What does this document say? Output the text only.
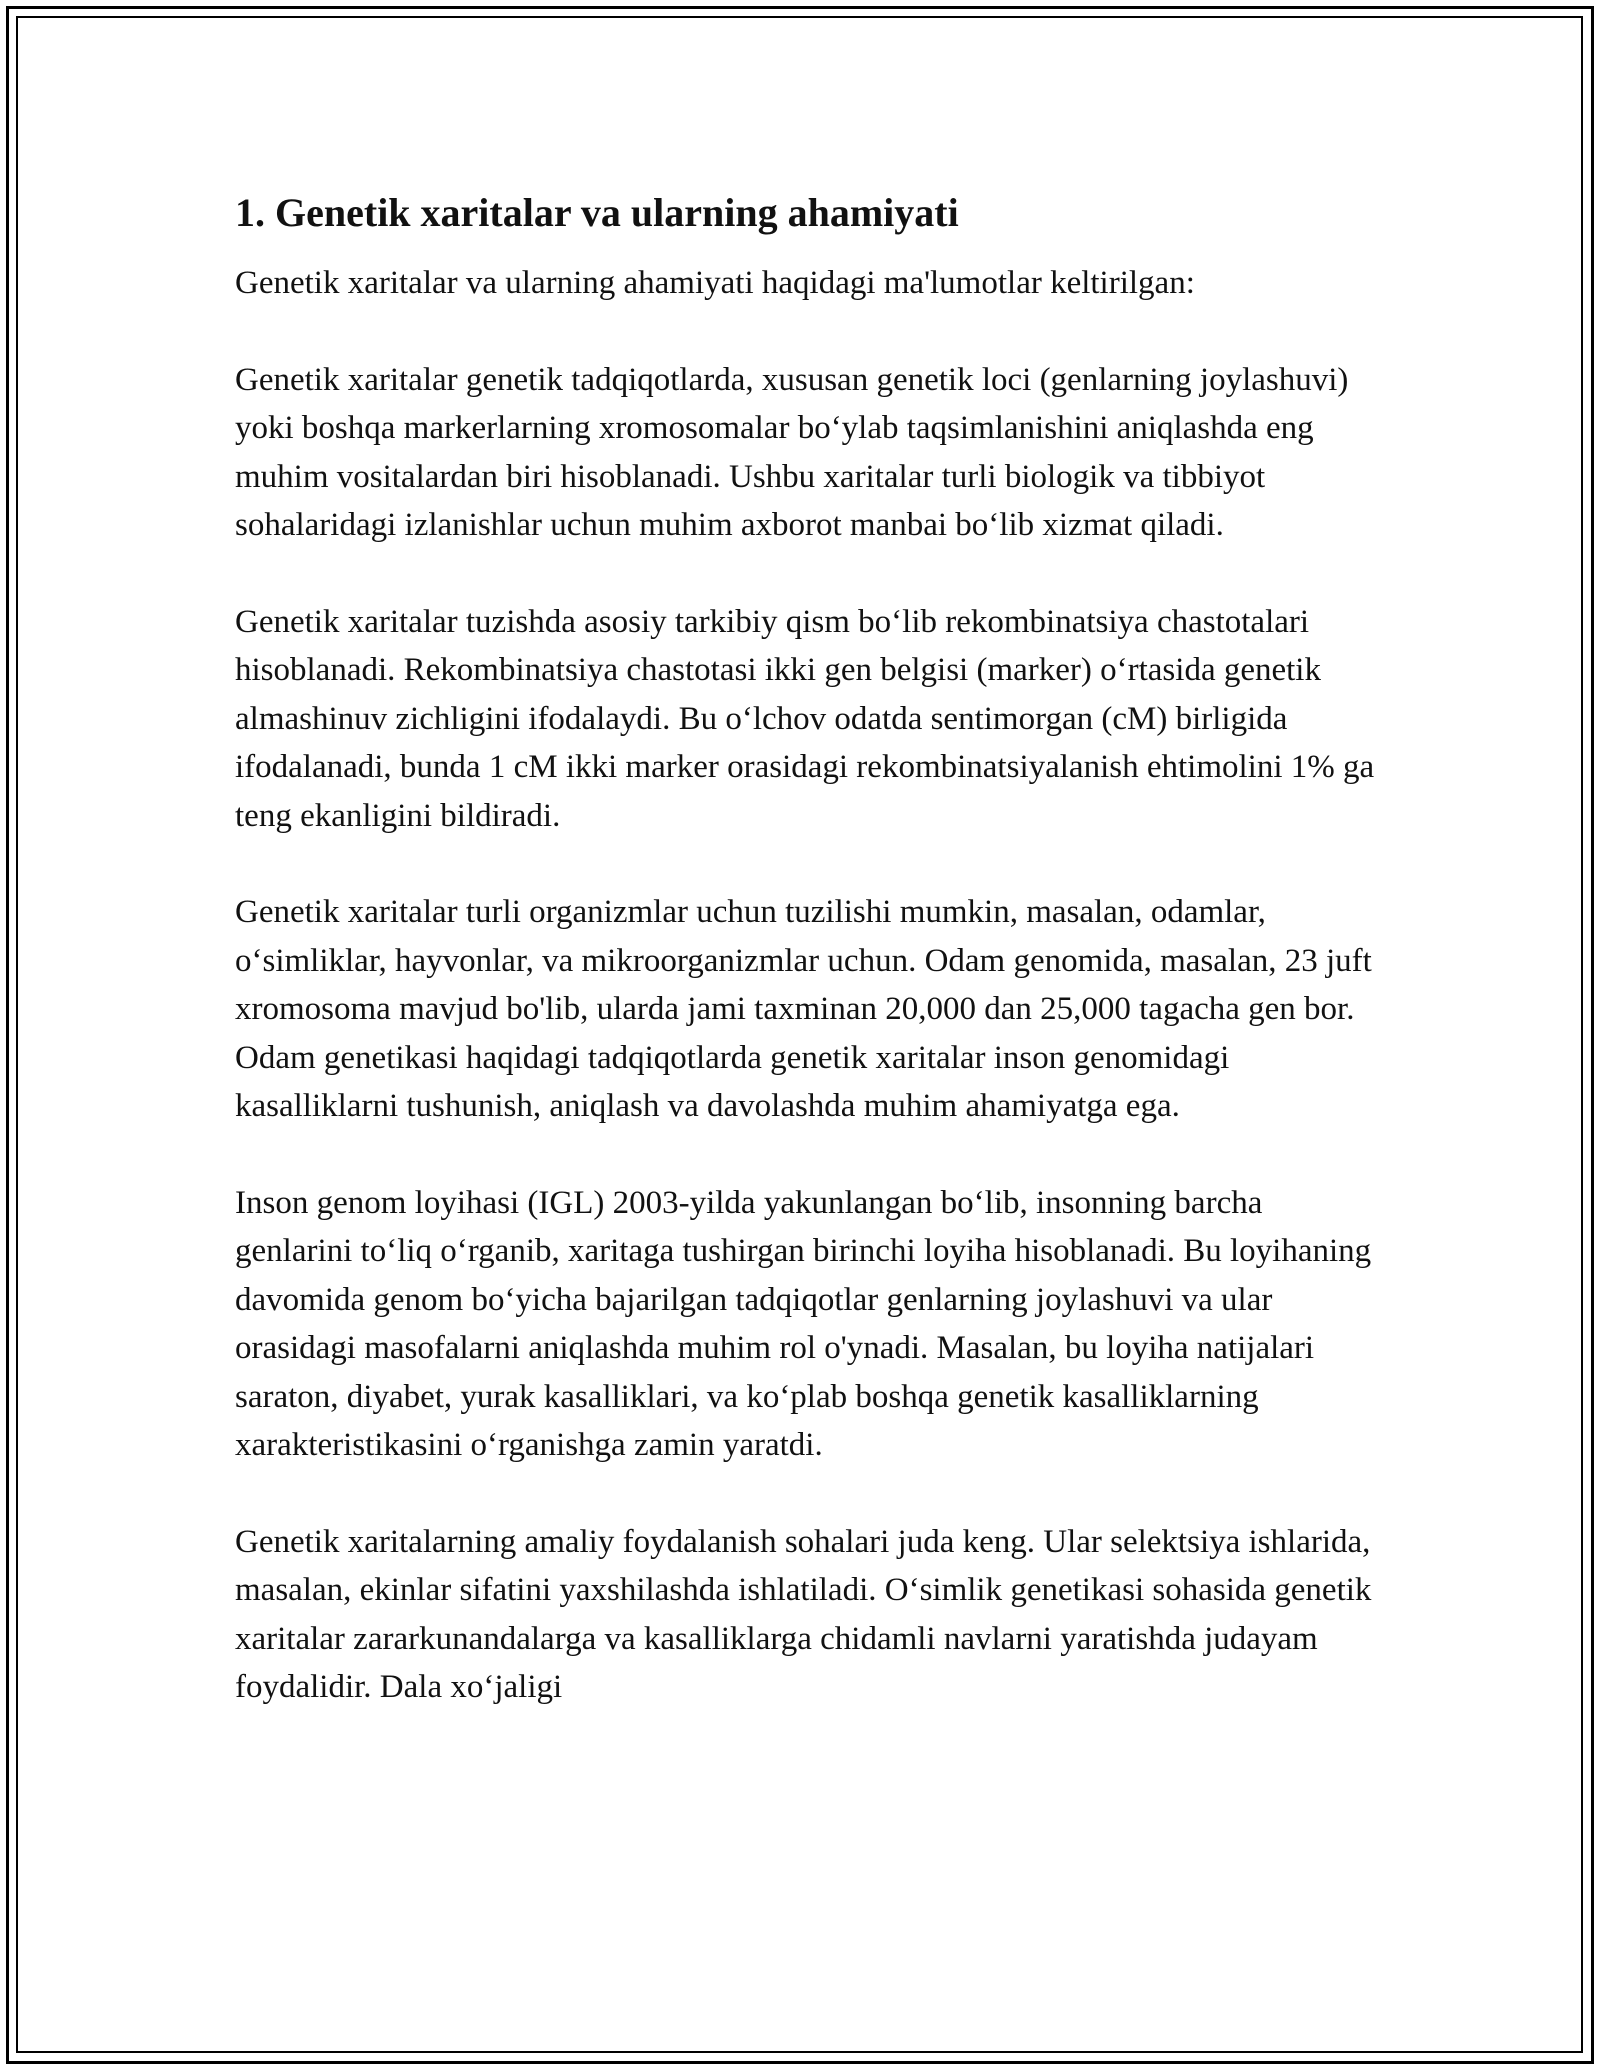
1. Genetik xaritalar va ularning ahamiyati

Genetik xaritalar va ularning ahamiyati haqidagi ma'lumotlar keltirilgan:

Genetik xaritalar genetik tadqiqotlarda, xususan genetik loci (genlarning joylashuvi) yoki boshqa markerlarning xromosomalar bo‘ylab taqsimlanishini aniqlashda eng muhim vositalardan biri hisoblanadi. Ushbu xaritalar turli biologik va tibbiyot sohalaridagi izlanishlar uchun muhim axborot manbai bo‘lib xizmat qiladi.

Genetik xaritalar tuzishda asosiy tarkibiy qism bo‘lib rekombinatsiya chastotalari hisoblanadi. Rekombinatsiya chastotasi ikki gen belgisi (marker) o‘rtasida genetik almashinuv zichligini ifodalaydi. Bu o‘lchov odatda sentimorgan (cM) birligida ifodalanadi, bunda 1 cM ikki marker orasidagi rekombinatsiyalanish ehtimolini 1% ga teng ekanligini bildiradi.

Genetik xaritalar turli organizmlar uchun tuzilishi mumkin, masalan, odamlar, o‘simliklar, hayvonlar, va mikroorganizmlar uchun. Odam genomida, masalan, 23 juft xromosoma mavjud bo'lib, ularda jami taxminan 20,000 dan 25,000 tagacha gen bor. Odam genetikasi haqidagi tadqiqotlarda genetik xaritalar inson genomidagi kasalliklarni tushunish, aniqlash va davolashda muhim ahamiyatga ega.

Inson genom loyihasi (IGL) 2003-yilda yakunlangan bo‘lib, insonning barcha genlarini to‘liq o‘rganib, xaritaga tushirgan birinchi loyiha hisoblanadi. Bu loyihaning davomida genom bo‘yicha bajarilgan tadqiqotlar genlarning joylashuvi va ular orasidagi masofalarni aniqlashda muhim rol o'ynadi. Masalan, bu loyiha natijalari saraton, diyabet, yurak kasalliklari, va ko‘plab boshqa genetik kasalliklarning xarakteristikasini o‘rganishga zamin yaratdi.

Genetik xaritalarning amaliy foydalanish sohalari juda keng. Ular selektsiya ishlarida, masalan, ekinlar sifatini yaxshilashda ishlatiladi. O‘simlik genetikasi sohasida genetik xaritalar zararkunandalarga va kasalliklarga chidamli navlarni yaratishda judayam foydalidir. Dala xo‘jaligi
